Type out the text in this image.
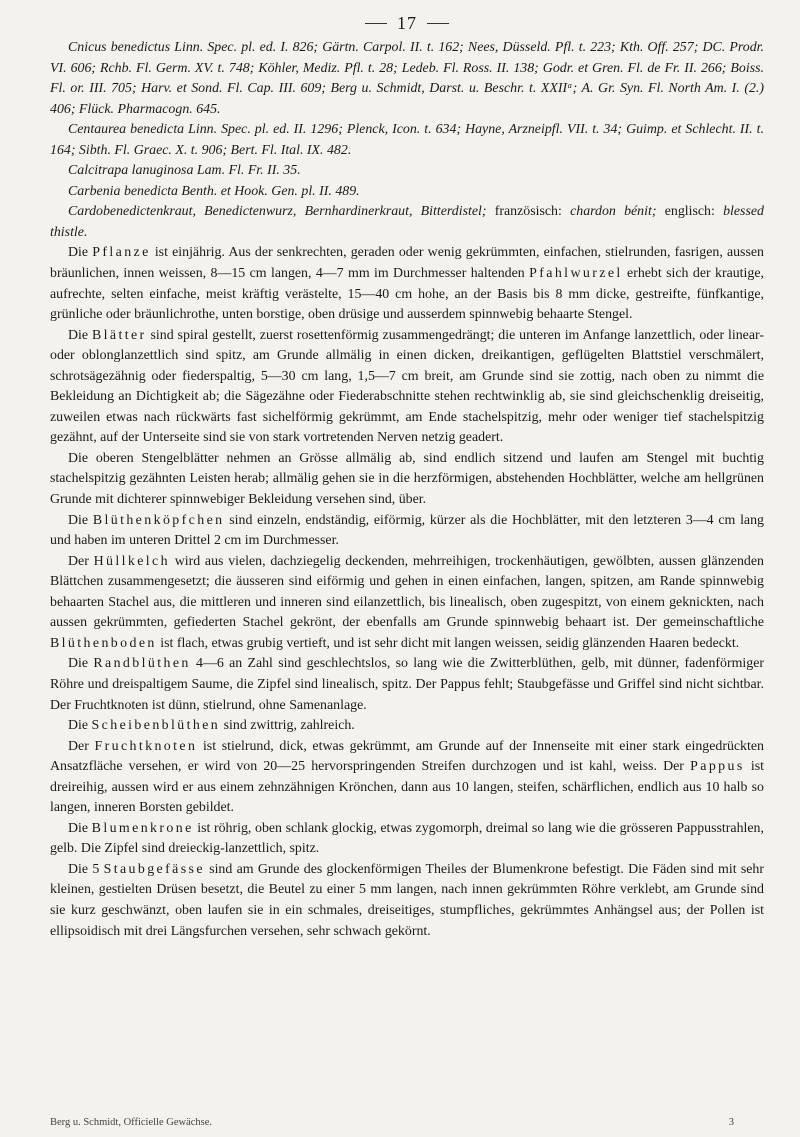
17

Cnicus benedictus Linn. Spec. pl. ed. I. 826; Gärtn. Carpol. II. t. 162; Nees, Düsseld. Pfl. t. 223; Kth. Off. 257; DC. Prodr. VI. 606; Rchb. Fl. Germ. XV. t. 748; Köhler, Mediz. Pfl. t. 28; Ledeb. Fl. Ross. II. 138; Godr. et Gren. Fl. de Fr. II. 266; Boiss. Fl. or. III. 705; Harv. et Sond. Fl. Cap. III. 609; Berg u. Schmidt, Darst. u. Beschr. t. XXIIᵃ; A. Gr. Syn. Fl. North Am. I. (2.) 406; Flück. Pharmacogn. 645.

Centaurea benedicta Linn. Spec. pl. ed. II. 1296; Plenck, Icon. t. 634; Hayne, Arzneipfl. VII. t. 34; Guimp. et Schlecht. II. t. 164; Sibth. Fl. Graec. X. t. 906; Bert. Fl. Ital. IX. 482.

Calcitrapa lanuginosa Lam. Fl. Fr. II. 35.

Carbenia benedicta Benth. et Hook. Gen. pl. II. 489.

Cardobenedictenkraut, Benedictenwurz, Bernhardinerkraut, Bitterdistel; französisch: chardon bénit; englisch: blessed thistle.

Die Pflanze ist einjährig. Aus der senkrechten, geraden oder wenig gekrümmten, einfachen, stielrunden, fasrigen, aussen bräunlichen, innen weissen, 8—15 cm langen, 4—7 mm im Durchmesser haltenden Pfahlwurzel erhebt sich der krautige, aufrechte, selten einfache, meist kräftig verästelte, 15—40 cm hohe, an der Basis bis 8 mm dicke, gestreifte, fünfkantige, grünliche oder bräunlichrothe, unten borstige, oben drüsige und ausserdem spinnwebig behaarte Stengel.

Die Blätter sind spiral gestellt, zuerst rosettenförmig zusammengedrängt; die unteren im Anfange lanzettlich, oder linear- oder oblonglanzettlich sind spitz, am Grunde allmälig in einen dicken, dreikantigen, geflügelten Blattstiel verschmälert, schrotsägezähnig oder fiederspaltig, 5—30 cm lang, 1,5—7 cm breit, am Grunde sind sie zottig, nach oben zu nimmt die Bekleidung an Dichtigkeit ab; die Sägezähne oder Fiederabschnitte stehen rechtwinklig ab, sie sind gleichschenklig dreiseitig, zuweilen etwas nach rückwärts fast sichelförmig gekrümmt, am Ende stachelspitzig, mehr oder weniger tief stachelspitzig gezähnt, auf der Unterseite sind sie von stark vortretenden Nerven netzig geadert.

Die oberen Stengelblätter nehmen an Grösse allmälig ab, sind endlich sitzend und laufen am Stengel mit buchtig stachelspitzig gezähnten Leisten herab; allmälig gehen sie in die herzförmigen, abstehenden Hochblätter, welche am hellgrünen Grunde mit dichterer spinnwebiger Bekleidung versehen sind, über.

Die Blüthenköpfchen sind einzeln, endständig, eiförmig, kürzer als die Hochblätter, mit den letzteren 3—4 cm lang und haben im unteren Drittel 2 cm im Durchmesser.

Der Hüllkelch wird aus vielen, dachziegelig deckenden, mehrreihigen, trockenhäutigen, gewölbten, aussen glänzenden Blättchen zusammengesetzt; die äusseren sind eiförmig und gehen in einen einfachen, langen, spitzen, am Rande spinnwebig behaarten Stachel aus, die mittleren und inneren sind eilanzettlich, bis linealisch, oben zugespitzt, von einem geknickten, nach aussen gekrümmten, gefiederten Stachel gekrönt, der ebenfalls am Grunde spinnwebig behaart ist. Der gemeinschaftliche Blüthenboden ist flach, etwas grubig vertieft, und ist sehr dicht mit langen weissen, seidig glänzenden Haaren bedeckt.

Die Randblüthen 4—6 an Zahl sind geschlechtslos, so lang wie die Zwitterblüthen, gelb, mit dünner, fadenförmiger Röhre und dreispaltigem Saume, die Zipfel sind linealisch, spitz. Der Pappus fehlt; Staubgefässe und Griffel sind nicht sichtbar. Der Fruchtknoten ist dünn, stielrund, ohne Samenanlage.

Die Scheibenblüthen sind zwittrig, zahlreich.

Der Fruchtknoten ist stielrund, dick, etwas gekrümmt, am Grunde auf der Innenseite mit einer stark eingedrückten Ansatzfläche versehen, er wird von 20—25 hervorspringenden Streifen durchzogen und ist kahl, weiss. Der Pappus ist dreireihig, aussen wird er aus einem zehnzähnigen Krönchen, dann aus 10 langen, steifen, schärflichen, endlich aus 10 halb so langen, inneren Borsten gebildet.

Die Blumenkrone ist röhrig, oben schlank glockig, etwas zygomorph, dreimal so lang wie die grösseren Pappusstrahlen, gelb. Die Zipfel sind dreieckig-lanzettlich, spitz.

Die 5 Staubgefässe sind am Grunde des glockenförmigen Theiles der Blumenkrone befestigt. Die Fäden sind mit sehr kleinen, gestielten Drüsen besetzt, die Beutel zu einer 5 mm langen, nach innen gekrümmten Röhre verklebt, am Grunde sind sie kurz geschwänzt, oben laufen sie in ein schmales, dreiseitiges, stumpfliches, gekrümmtes Anhängsel aus; der Pollen ist ellipsoidisch mit drei Längsfurchen versehen, sehr schwach gekörnt.

Berg u. Schmidt, Officielle Gewächse.	3
